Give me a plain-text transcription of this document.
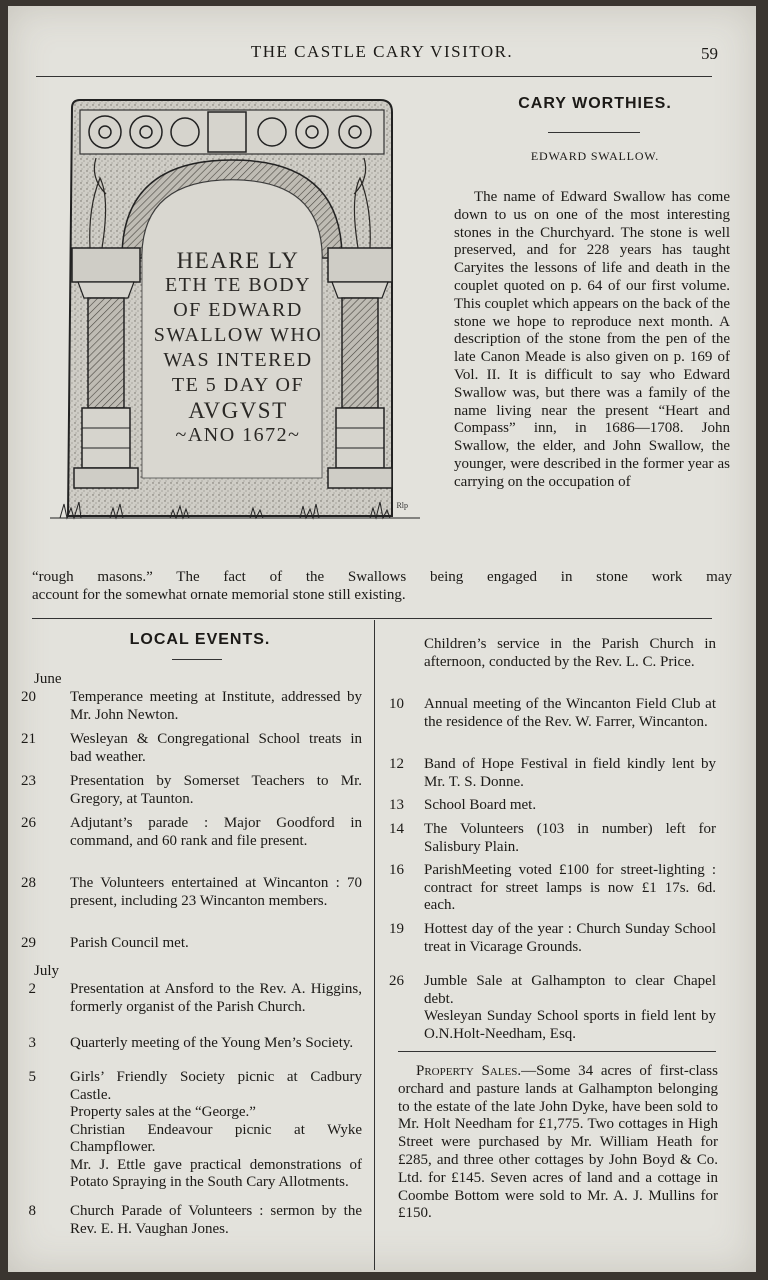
THE CASTLE CARY VISITOR.	59
HEARE LY
ETH TE BODY
OF EDWARD
SWALLOW WHO
WAS INTERED
TE 5 DAY OF
AVGVST
~ANO 1672~
Rlp
CARY WORTHIES.
EDWARD SWALLOW.

The name of Edward Swallow has come down to us on one of the most interesting stones in the Churchyard. The stone is well preserved, and for 228 years has taught Caryites the lessons of life and death in the couplet quoted on p. 64 of our first volume. This couplet which appears on the back of the stone we hope to reproduce next month. A description of the stone from the pen of the late Canon Meade is also given on p. 169 of Vol. II. It is difficult to say who Edward Swallow was, but there was a family of the name living near the present “Heart and Compass” inn, in 1686—1708. John Swallow, the elder, and John Swallow, the younger, were described in the former year as carrying on the occupation of

“rough masons.” The fact of the Swallows being engaged in stone work may

account for the somewhat ornate memorial stone still existing.

LOCAL EVENTS.
June
20 Temperance meeting at Institute, addressed by Mr. John Newton.

21 Wesleyan & Congregational School treats in bad weather.

23 Presentation by Somerset Teachers to Mr. Gregory, at Taunton.

26 Adjutant’s parade : Major Goodford in command, and 60 rank and file present.

28 The Volunteers entertained at Wincanton : 70 present, including 23 Wincanton members.

29 Parish Council met.

July
2 Presentation at Ansford to the Rev. A. Higgins, formerly organist of the Parish Church.

3 Quarterly meeting of the Young Men’s Society.

5 Girls’ Friendly Society picnic at Cadbury Castle.

Property sales at the “George.”

Christian Endeavour picnic at Wyke Champflower.

Mr. J. Ettle gave practical demonstrations of Potato Spraying in the South Cary Allotments.

8 Church Parade of Volunteers : sermon by the Rev. E. H. Vaughan Jones.

Children’s service in the Parish Church in afternoon, conducted by the Rev. L. C. Price.

10 Annual meeting of the Wincanton Field Club at the residence of the Rev. W. Farrer, Wincanton.

12 Band of Hope Festival in field kindly lent by Mr. T. S. Donne.

13 School Board met.

14 The Volunteers (103 in number) left for Salisbury Plain.

16 ParishMeeting voted £100 for street-lighting : contract for street lamps is now £1 17s. 6d. each.

19 Hottest day of the year : Church Sunday School treat in Vicarage Grounds.

26 Jumble Sale at Galhampton to clear Chapel debt.

Wesleyan Sunday School sports in field lent by O.N.Holt-Needham, Esq.

Property Sales.—Some 34 acres of first-class orchard and pasture lands at Galhampton belonging to the estate of the late John Dyke, have been sold to Mr. Holt Needham for £1,775. Two cottages in High Street were purchased by Mr. William Heath for £285, and three other cottages by John Boyd & Co. Ltd. for £145. Seven acres of land and a cottage in Coombe Bottom were sold to Mr. A. J. Mullins for £150.
